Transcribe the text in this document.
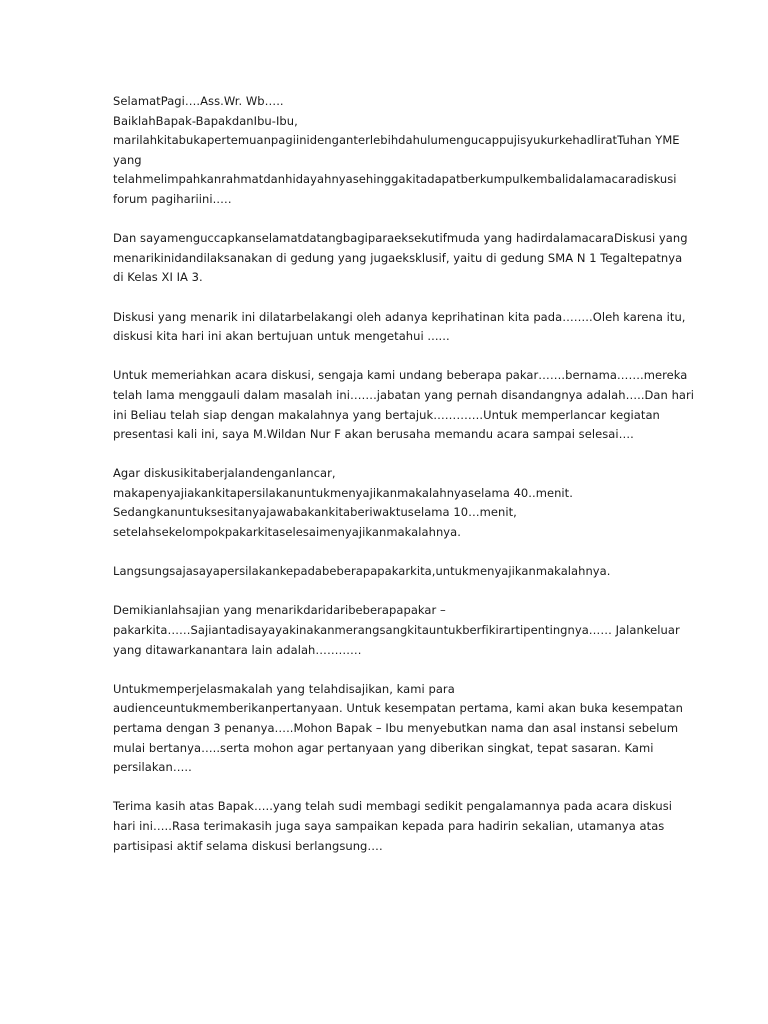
SelamatPagi….Ass.Wr. Wb…..
BaiklahBapak-BapakdanIbu-Ibu,
marilahkitabukapertemuanpagiinidenganterlebihdahulumengucappujisyukurkehadliratTuhan YME
yang
telahmelimpahkanrahmatdanhidayahnyasehinggakitadapatberkumpulkembalidalamacaradiskusi
forum pagihariini.….

Dan sayamenguccapkanselamatdatangbagiparaeksekutifmuda yang hadirdalamacaraDiskusi yang
menarikinidandilaksanakan di gedung yang jugaeksklusif, yaitu di gedung SMA N 1 Tegaltepatnya
di Kelas XI IA 3.

Diskusi yang menarik ini dilatarbelakangi oleh adanya keprihatinan kita pada……..Oleh karena itu,
diskusi kita hari ini akan bertujuan untuk mengetahui ......

Untuk memeriahkan acara diskusi, sengaja kami undang beberapa pakar…….bernama…….mereka
telah lama menggauli dalam masalah ini…….jabatan yang pernah disandangnya adalah…..Dan hari
ini Beliau telah siap dengan makalahnya yang bertajuk………….Untuk memperlancar kegiatan
presentasi kali ini, saya M.Wildan Nur F akan berusaha memandu acara sampai selesai….

Agar diskusikitaberjalandenganlancar,
makapenyajiakankitapersilakanuntukmenyajikanmakalahnyaselama 40..menit.
Sedangkanuntuksesitanyajawabakankitaberiwaktuselama 10…menit,
setelahsekelompokpakarkitaselesaimenyajikanmakalahnya.

Langsungsajasayapersilakankepadabeberapapakarkita,untukmenyajikanmakalahnya.

Demikianlahsajian yang menarikdaridaribeberapapakar –
pakarkita……Sajiantadisayayakinakanmerangsangkitauntukberfikirartipentingnya…… Jalankeluar
yang ditawarkanantara lain adalah…………

Untukmemperjelasmakalah yang telahdisajikan, kami para
audienceuntukmemberikanpertanyaan. Untuk kesempatan pertama, kami akan buka kesempatan
pertama dengan 3 penanya…..Mohon Bapak – Ibu menyebutkan nama dan asal instansi sebelum
mulai bertanya…..serta mohon agar pertanyaan yang diberikan singkat, tepat sasaran. Kami
persilakan…..

Terima kasih atas Bapak…..yang telah sudi membagi sedikit pengalamannya pada acara diskusi
hari ini…..Rasa terimakasih juga saya sampaikan kepada para hadirin sekalian, utamanya atas
partisipasi aktif selama diskusi berlangsung….
